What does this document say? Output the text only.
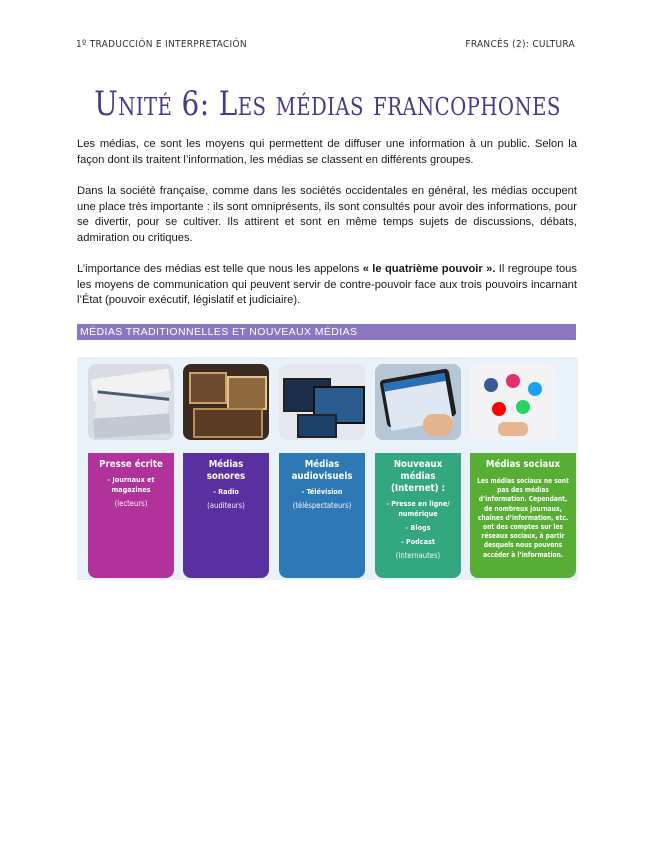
1º TRADUCCIÓN E INTERPRETACIÓN	FRANCÉS (2): CULTURA
Unité 6: Les médias francophones
Les médias, ce sont les moyens qui permettent de diffuser une information à un public. Selon la façon dont ils traitent l’information, les médias se classent en différents groupes.
Dans la société française, comme dans les sociétés occidentales en général, les médias occupent une place très importante : ils sont omniprésents, ils sont consultés pour avoir des informations, pour se divertir, pour se cultiver. Ils attirent et sont en même temps sujets de discussions, débats, admiration ou critiques.
L’importance des médias est telle que nous les appelons « le quatrième pouvoir ». Il regroupe tous les moyens de communication qui peuvent servir de contre-pouvoir face aux trois pouvoirs incarnant l’État (pouvoir exécutif, législatif et judiciaire).
MÉDIAS TRADITIONNELLES ET NOUVEAUX MÉDIAS
Presse écrite
- Journaux et magazines
(lecteurs)
Médias sonores
- Radio
(auditeurs)
Médias audiovisuels
- Télévision
(téléspectateurs)
Nouveaux médias (Internet) :
- Presse en ligne/ numérique
- Blogs
- Podcast
(internautes)
Médias sociaux
Les médias sociaux ne sont pas des médias d’information. Cependant, de nombreux journaux, chaînes d’information, etc. ont des comptes sur les réseaux sociaux, à partir desquels nous pouvons accéder à l’information.
